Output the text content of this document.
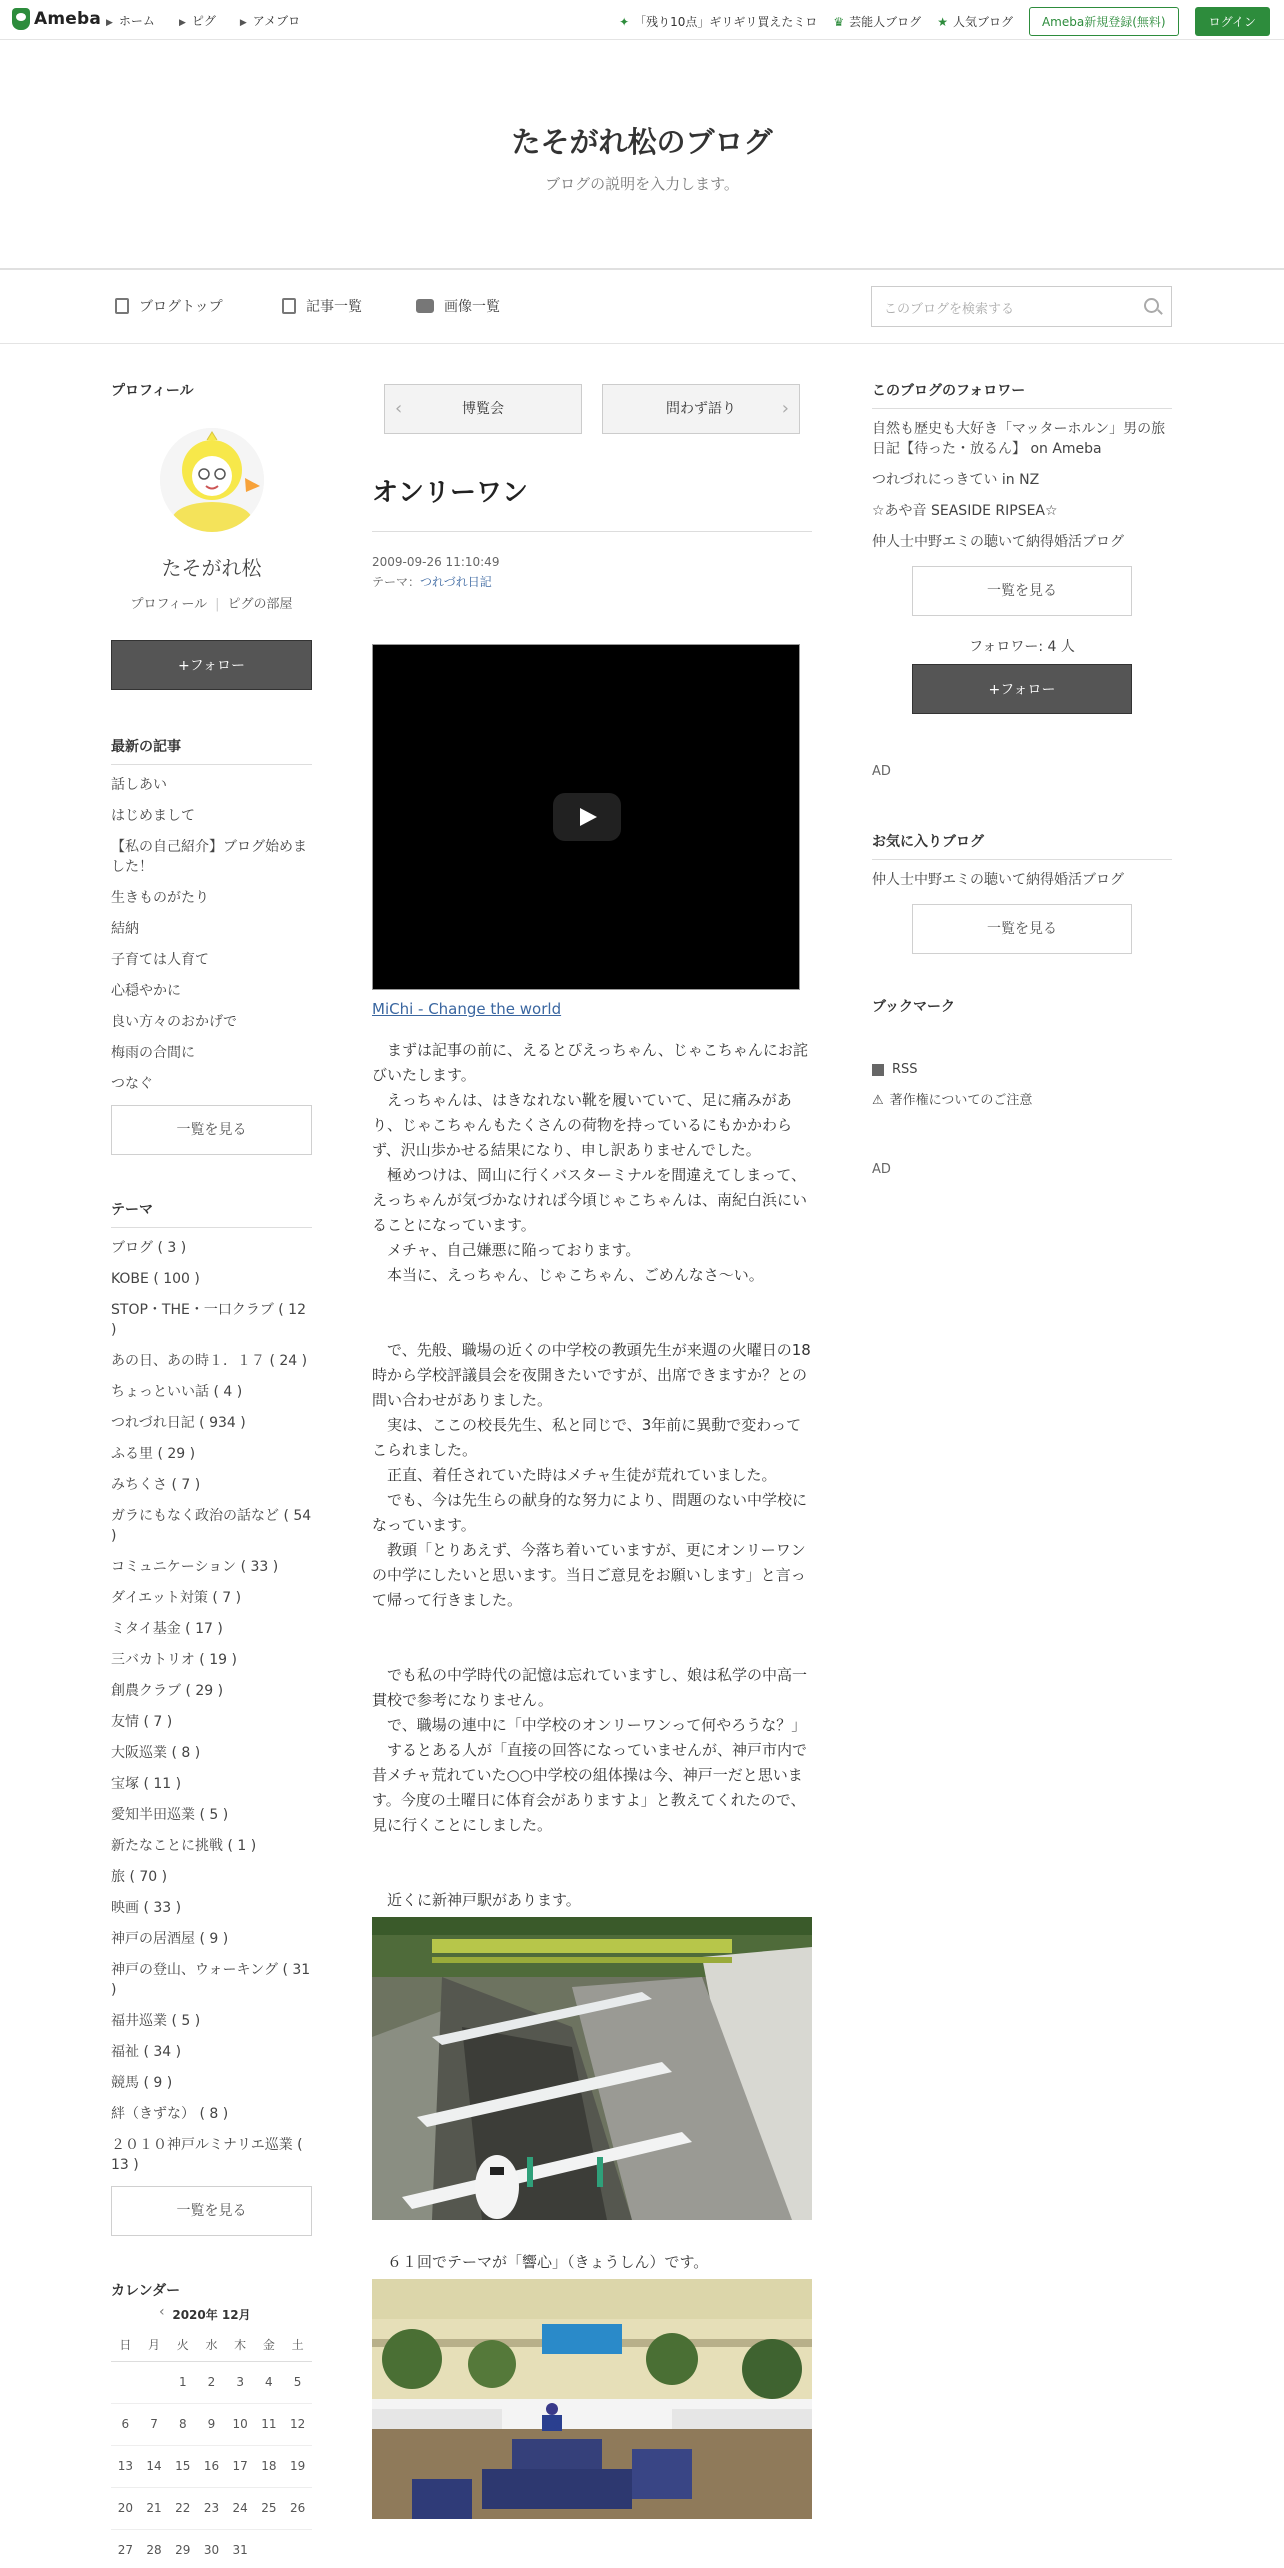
Ameba ▶ ホーム	▶ ピグ	▶ アメブロ	✦ 「残り10点」ギリギリ買えたミロ ♛ 芸能人ブログ ★ 人気ブログ	Ameba新規登録(無料)	ログイン
たそがれ松のブログ

ブログの説明を入力します。

ブログトップ	記事一覧	画像一覧	このブログを検索する
プロフィール
たそがれ松
プロフィール | ピグの部屋
+フォロー
最新の記事
話しあい
はじめまして
【私の自己紹介】ブログ始めました！
生きものがたり
結納
子育ては人育て
心穏やかに
良い方々のおかげで
梅雨の合間に
つなぐ
一覧を見る
テーマ
ブログ ( 3 )
KOBE ( 100 )
STOP・THE・一口クラブ ( 12 )
あの日、あの時１．１７ ( 24 )
ちょっといい話 ( 4 )
つれづれ日記 ( 934 )
ふる里 ( 29 )
みちくさ ( 7 )
ガラにもなく政治の話など ( 54 )
コミュニケーション ( 33 )
ダイエット対策 ( 7 )
ミタイ基金 ( 17 )
三バカトリオ ( 19 )
創農クラブ ( 29 )
友情 ( 7 )
大阪巡業 ( 8 )
宝塚 ( 11 )
愛知半田巡業 ( 5 )
新たなことに挑戦 ( 1 )
旅 ( 70 )
映画 ( 33 )
神戸の居酒屋 ( 9 )
神戸の登山、ウォーキング ( 31 )
福井巡業 ( 5 )
福祉 ( 34 )
競馬 ( 9 )
絆（きずな） ( 8 )
２０１０神戸ルミナリエ巡業 ( 13 )
一覧を見る
カレンダー
‹ 2020年 12月
日	月	火	水	木	金	土
		1	2	3	4	5
6	7	8	9	10	11	12
13	14	15	16	17	18	19
20	21	22	23	24	25	26
27	28	29	30	31		
‹	博覧会	問わず語り	›
オンリーワン
2009-09-26 11:10:49
テーマ：つれづれ日記
MiChi - Change the world

　まずは記事の前に、えるとぴえっちゃん、じゃこちゃんにお詫びいたします。

　えっちゃんは、はきなれない靴を履いていて、足に痛みがあり、じゃこちゃんもたくさんの荷物を持っているにもかかわらず、沢山歩かせる結果になり、申し訳ありませんでした。

　極めつけは、岡山に行くバスターミナルを間違えてしまって、えっちゃんが気づかなければ今頃じゃこちゃんは、南紀白浜にいることになっています。

　メチャ、自己嫌悪に陥っております。

　本当に、えっちゃん、じゃこちゃん、ごめんなさ～い。

　で、先般、職場の近くの中学校の教頭先生が来週の火曜日の18時から学校評議員会を夜開きたいですが、出席できますか？との問い合わせがありました。

　実は、ここの校長先生、私と同じで、3年前に異動で変わってこられました。

　正直、着任されていた時はメチャ生徒が荒れていました。

　でも、今は先生らの献身的な努力により、問題のない中学校になっています。

　教頭「とりあえず、今落ち着いていますが、更にオンリーワンの中学にしたいと思います。当日ご意見をお願いします」と言って帰って行きました。

　でも私の中学時代の記憶は忘れていますし、娘は私学の中高一貫校で参考になりません。

　で、職場の連中に「中学校のオンリーワンって何やろうな？」

　するとある人が「直接の回答になっていませんが、神戸市内で昔メチャ荒れていた○○中学校の組体操は今、神戸一だと思います。今度の土曜日に体育会がありますよ」と教えてくれたので、見に行くことにしました。

　近くに新神戸駅があります。

　６１回でテーマが「響心」（きょうしん）です。

このブログのフォロワー
自然も歴史も大好き「マッターホルン」男の旅日記【待った・放るん】 on Ameba
つれづれにっきてい in NZ
☆あや音 SEASIDE RIPSEA☆
仲人士中野エミの聴いて納得婚活ブログ
一覧を見る
フォロワー: 4 人
+フォロー
AD
お気に入りブログ
仲人士中野エミの聴いて納得婚活ブログ
一覧を見る
ブックマーク
RSS
⚠ 著作権についてのご注意
AD
